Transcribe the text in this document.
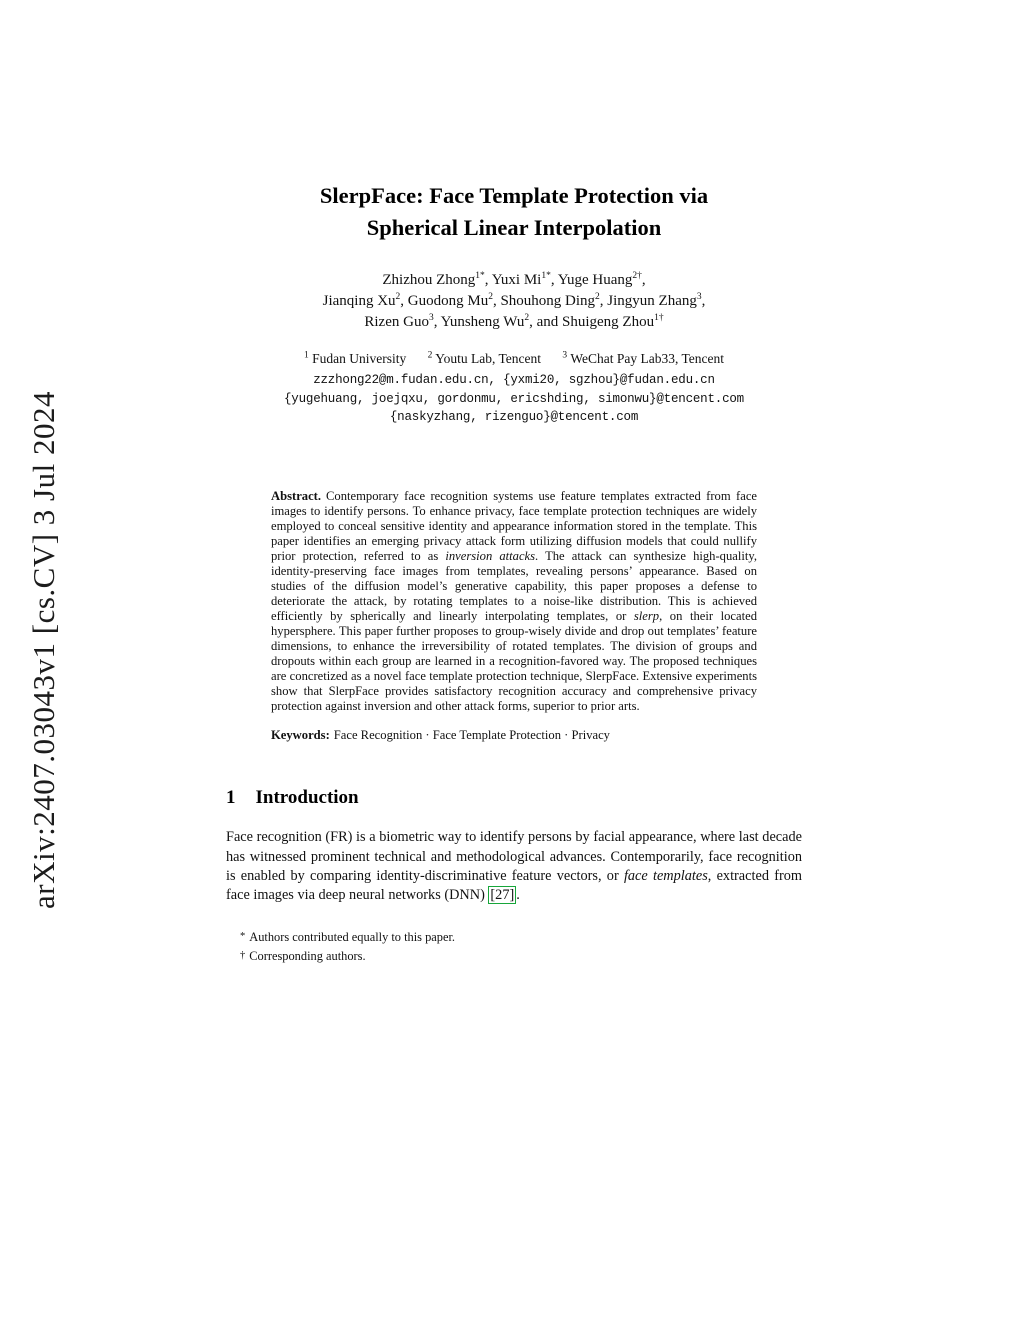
arXiv:2407.03043v1 [cs.CV] 3 Jul 2024
SlerpFace: Face Template Protection via
Spherical Linear Interpolation
Zhizhou Zhong$^{1*}$, Yuxi $Mi^{1*}$, Yuge Huang$^{2\dagger}$,
Jianqing Xu$^2$, Guodong Mu$^2$, Shouhong Ding$^2$, Jingyun Zhang$^3$,
Rizen Guo$^3$, Yunsheng Wu$^2$, and Shuigeng Zhou$^{1\dagger}$
$^1$ Fudan University $^2$ Youtu Lab, Tencent $^3$ WeChat Pay Lab33, Tencent
zzzhong22@m.fudan.edu.cn, {yxmi20, sgzhou}@fudan.edu.cn
{yugehuang, joejqxu, gordonmu, ericshding, simonwu}@tencent.com
{naskyzhang, rizenguo}@tencent.com
Abstract. Contemporary face recognition systems use feature templates extracted from face images to identify persons. To enhance privacy, face template protection techniques are widely employed to conceal sensitive identity and appearance information stored in the template. This paper identifies an emerging privacy attack form utilizing diffusion models that could nullify prior protection, referred to as inversion attacks. The attack can synthesize high-quality, identity-preserving face images from templates, revealing persons’ appearance. Based on studies of the diffusion model’s generative capability, this paper proposes a defense to deteriorate the attack, by rotating templates to a noise-like distribution. This is achieved efficiently by spherically and linearly interpolating templates, or slerp, on their located hypersphere. This paper further proposes to group-wisely divide and drop out templates’ feature dimensions, to enhance the irreversibility of rotated templates. The division of groups and dropouts within each group are learned in a recognition-favored way. The proposed techniques are concretized as a novel face template protection technique, SlerpFace. Extensive experiments show that SlerpFace provides satisfactory recognition accuracy and comprehensive privacy protection against inversion and other attack forms, superior to prior arts.
Keywords: Face Recognition · Face Template Protection · Privacy
1 Introduction

Face recognition (FR) is a biometric way to identify persons by facial appearance, where last decade has witnessed prominent technical and methodological advances. Contemporarily, face recognition is enabled by comparing identity-discriminative feature vectors, or face templates, extracted from face images via deep neural networks (DNN) [27] .

* Authors contributed equally to this paper.
† Corresponding authors.
